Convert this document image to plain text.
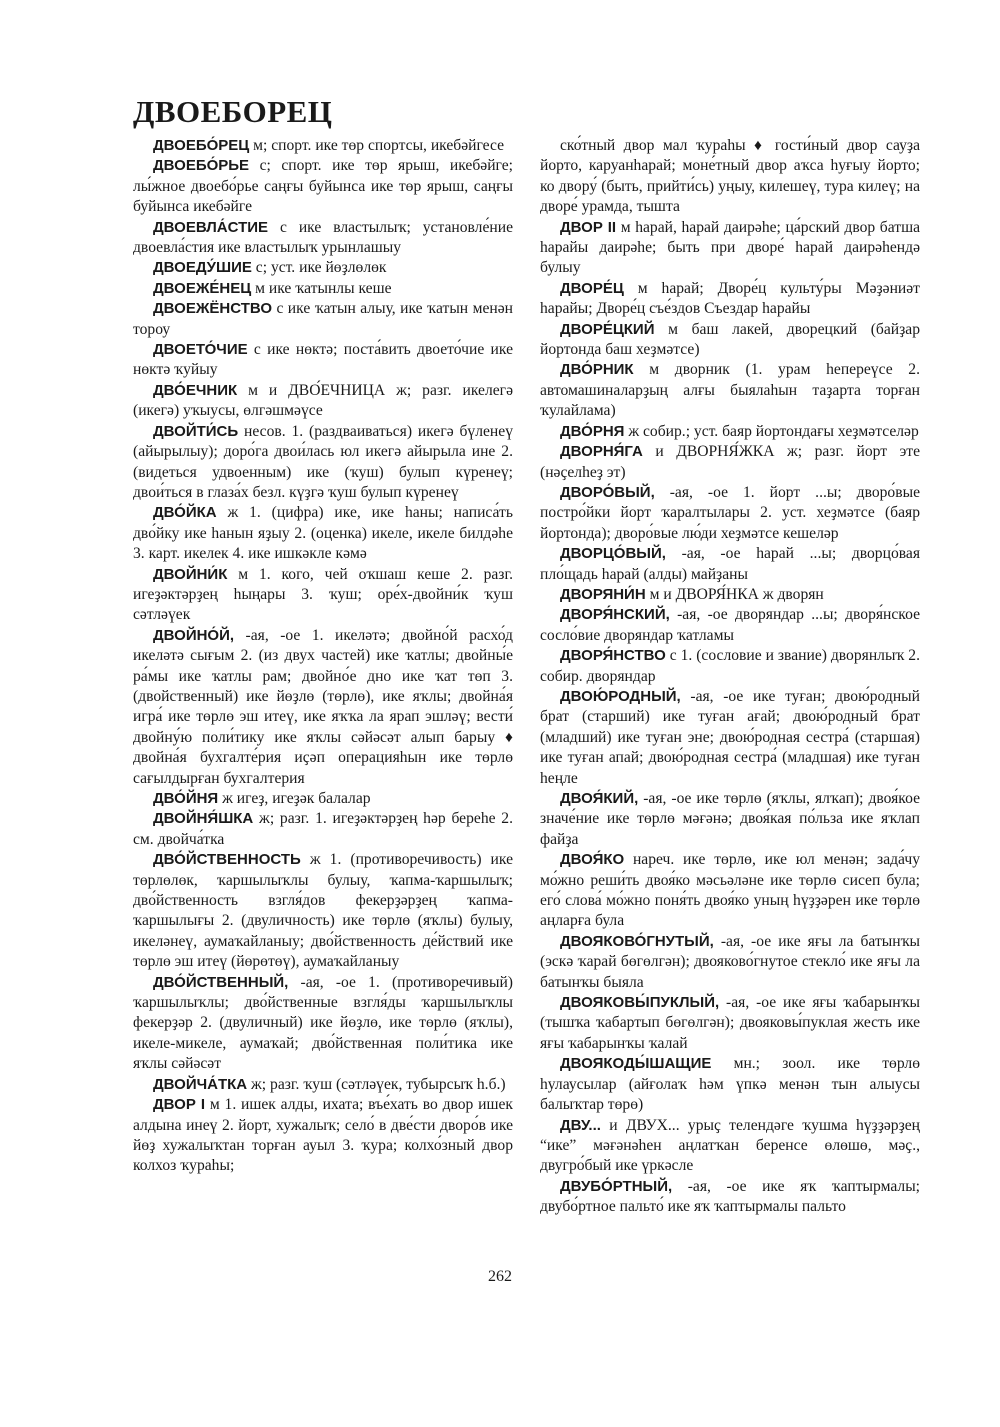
ДВОЕБОРЕЦ

ДВОЕБО́РЕЦ м; спорт. ике төр спортсы, икебәйгесе

ДВОЕБО́РЬЕ с; спорт. ике төр ярыш, икебәйге; лы́жное двоебо́рье саңғы буйынса ике төр ярыш, саңғы буйынса икебәйге

ДВОЕВЛА́СТИЕ с ике властылыҡ; установле́ние двоевла́стия ике властылыҡ урынлашыу

ДВОЕДУ́ШИЕ с; уст. ике йөҙлөлөк

ДВОЕЖЕ́НЕЦ м ике ҡатынлы кеше

ДВОЕЖЁНСТВО с ике ҡатын алыу, ике ҡатын менән тороу

ДВОЕТО́ЧИЕ с ике нөктә; поста́вить двоето́чие ике нөктә ҡуйыу

ДВО́ЕЧНИК м и ДВО́ЕЧНИЦА ж; разг. икелегә (икегә) уҡыусы, өлгәшмәүсе

ДВОЙТИ́СЬ несов. 1. (раздваиваться) икегә бүленеү (айырылыу); доро́га двои́лась юл икегә айырыла ине 2. (видеться удвоенным) ике (ҡуш) булып күренеү; двои́ться в глаза́х безл. күҙгә ҡуш булып күренеү

ДВО́ЙКА ж 1. (цифра) ике, ике һаны; написа́ть дво́йку ике һанын яҙыу 2. (оценка) икеле, икеле билдәһе 3. карт. икелек 4. ике ишкәкле кәмә

ДВОЙНИ́К м 1. кого, чей оҡшаш кеше 2. разг. игеҙәктәрҙең һыңары 3. ҡуш; оре́х-двойни́к ҡуш сәтләүек

ДВОЙНО́Й, -ая, -ое 1. икеләтә; двойно́й расхо́д икеләтә сығым 2. (из двух частей) ике ҡатлы; двойны́е ра́мы ике ҡатлы рам; двойно́е дно ике ҡат төп 3. (двойственный) ике йөҙлө (төрлө), ике яҡлы; двойна́я игра́ ике төрлө эш итеү, ике яҡҡа ла ярап эшләү; вести́ двойну́ю поли́тику ике яҡлы сәйәсәт алып барыу ♦ двойна́я бухгалте́рия иҫәп операцияһын ике төрлө сағылдырған бухгалтерия

ДВО́ЙНЯ ж игеҙ, игеҙәк балалар

ДВОЙНЯ́ШКА ж; разг. 1. игеҙәктәрҙең һәр береһе 2. см. двойча́тка

ДВО́ЙСТВЕННОСТЬ ж 1. (противоречивость) ике төрлөлөк, ҡаршылыҡлы булыу, ҡапма-ҡаршылыҡ; дво́йственность взгля́дов фекерҙәрҙең ҡапма-ҡаршылығы 2. (двуличность) ике төрлө (яҡлы) булыу, икеләнеү, аумаҡайланыу; дво́йственность де́йствий ике төрлө эш итеү (йөрөтөү), аумаҡайланыу

ДВО́ЙСТВЕННЫЙ, -ая, -ое 1. (противоречивый) ҡаршылыҡлы; дво́йственные взгля́ды ҡаршылыҡлы фекерҙәр 2. (двуличный) ике йөҙлө, ике төрлө (яҡлы), икеле-микеле, аумаҡай; дво́йственная поли́тика ике яҡлы сәйәсәт

ДВОЙЧА́ТКА ж; разг. ҡуш (сәтләүек, тубырсыҡ һ.б.)

ДВОР I м 1. ишек алды, ихата; въе́хать во двор ишек алдына инеү 2. йорт, хужалыҡ; село́ в две́сти дворо́в ике йөҙ хужалыҡтан торған ауыл 3. ҡура; колхо́зный двор колхоз ҡураһы;

ско́тный двор мал ҡураһы ♦ гости́ный двор сауҙа йорто, каруанһарай; моне́тный двор аҡса һуғыу йорто; ко двору́ (быть, прийти́сь) уңыу, килешеү, тура килеү; на дворе́ урамда, тышта

ДВОР II м һарай, һарай даирәһе; ца́рский двор батша һарайы даирәһе; быть при дворе́ һарай даирәһендә булыу

ДВОРЕ́Ц м һарай; Дворе́ц культу́ры Мәҙәниәт һарайы; Дворе́ц съе́здов Съездар һарайы

ДВОРЕ́ЦКИЙ м баш лакей, дворецкий (байҙар йортонда баш хеҙмәтсе)

ДВО́РНИК м дворник (1. урам һепереүсе 2. автомашиналарҙың алғы быялаһын таҙарта торған ҡулайлама)

ДВО́РНЯ ж собир.; уст. баяр йортондағы хеҙмәтселәр

ДВОРНЯ́ГА и ДВОРНЯ́ЖКА ж; разг. йорт эте (нәҫелһеҙ эт)

ДВОРО́ВЫЙ, -ая, -ое 1. йорт ...ы; дворо́вые постро́йки йорт ҡаралтылары 2. уст. хеҙмәтсе (баяр йортонда); дворо́вые лю́ди хеҙмәтсе кешеләр

ДВОРЦО́ВЫЙ, -ая, -ое һарай ...ы; дворцо́вая пло́щадь һарай (алды) майҙаны

ДВОРЯНИ́Н м и ДВОРЯ́НКА ж дворян

ДВОРЯ́НСКИЙ, -ая, -ое дворяндар ...ы; дворя́нское сосло́вие дворяндар ҡатламы

ДВОРЯ́НСТВО с 1. (сословие и звание) дворянлыҡ 2. собир. дворяндар

ДВОЮ́РОДНЫЙ, -ая, -ое ике туған; двою́родный брат (старший) ике туған ағай; двою́родный брат (младший) ике туған эне; двою́родная сестра́ (старшая) ике туған апай; двою́родная сестра́ (младшая) ике туған һеңле

ДВОЯ́КИЙ, -ая, -ое ике төрлө (яҡлы, ялҡап); двоя́кое значе́ние ике төрлө мәғәнә; двоя́кая по́льза ике яҡлап файҙа

ДВОЯ́КО нареч. ике төрлө, ике юл менән; зада́чу мо́жно реши́ть двоя́ко мәсьәләне ике төрлө сисеп була; его́ слова́ мо́жно поня́ть двоя́ко уның һүҙҙәрен ике төрлө аңларға була

ДВОЯКОВО́ГНУТЫЙ, -ая, -ое ике яғы ла батынҡы (эскә ҡарай бөгөлгән); двояково́гнутое стекло́ ике яғы ла батынҡы быяла

ДВОЯКОВЫ́ПУКЛЫЙ, -ая, -ое ике яғы ҡабарынҡы (тышҡа ҡабартып бөгөлгән); двояковы́пуклая жесть ике яғы ҡабарынҡы ҡалай

ДВОЯКОДЫ́ШАЩИЕ мн.; зоол. ике төрлө һулаусылар (айғолаҡ һәм үпкә менән тын алыусы балыҡтар төрө)

ДВУ... и ДВУХ... урыҫ телендәге ҡушма һүҙҙәрҙең “ике” мәғәнәһен аңлатҡан беренсе өлөшө, мәҫ., двугро́бый ике үркәсле

ДВУБО́РТНЫЙ, -ая, -ое ике яҡ ҡаптырмалы; двубо́ртное пальто́ ике яҡ ҡаптырмалы пальто

262
